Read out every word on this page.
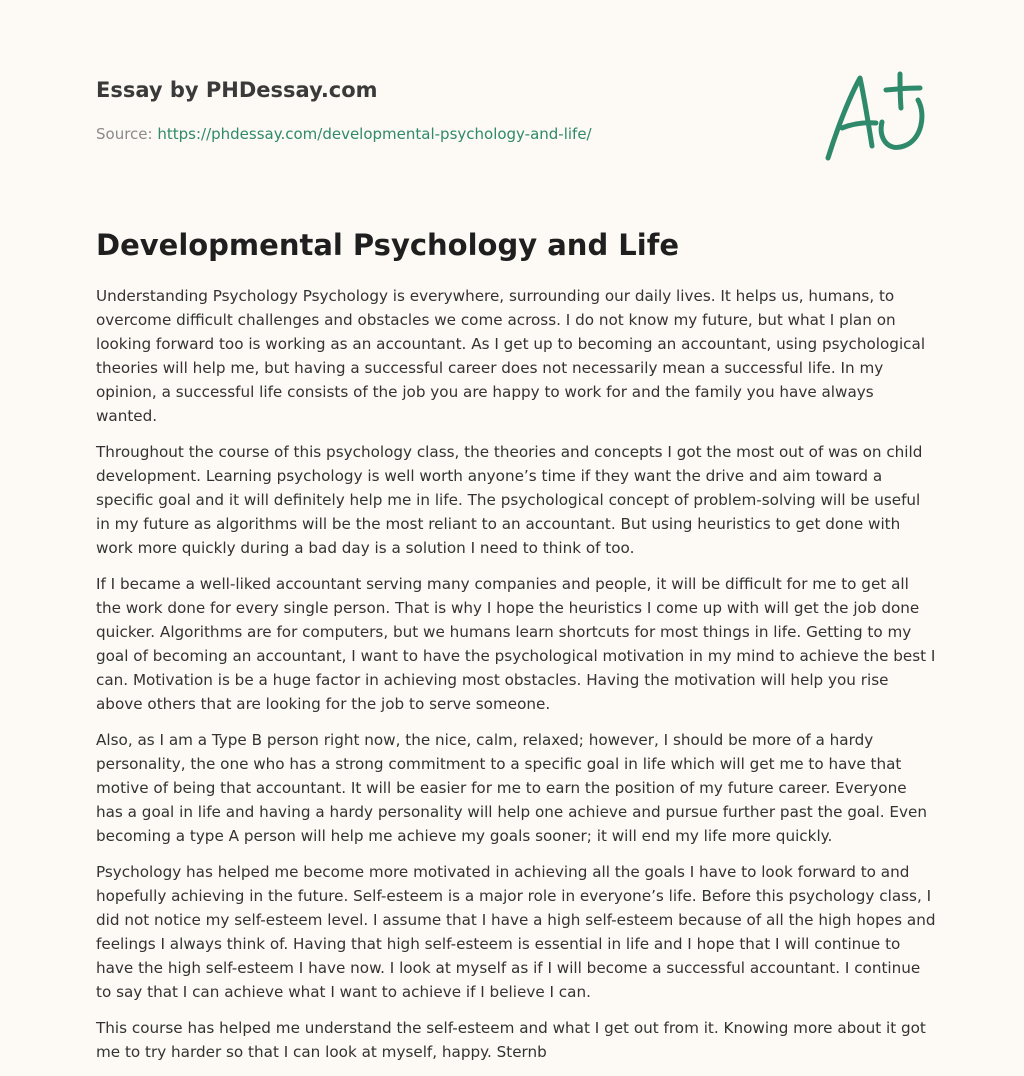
Essay by PHDessay.com
Source: https://phdessay.com/developmental-psychology-and-life/
Developmental Psychology and Life

Understanding Psychology Psychology is everywhere, surrounding our daily lives. It helps us, humans, to overcome difficult challenges and obstacles we come across. I do not know my future, but what I plan on looking forward too is working as an accountant. As I get up to becoming an accountant, using psychological theories will help me, but having a successful career does not necessarily mean a successful life. In my opinion, a successful life consists of the job you are happy to work for and the family you have always wanted.

Throughout the course of this psychology class, the theories and concepts I got the most out of was on child development. Learning psychology is well worth anyone’s time if they want the drive and aim toward a specific goal and it will definitely help me in life. The psychological concept of problem-solving will be useful in my future as algorithms will be the most reliant to an accountant. But using heuristics to get done with work more quickly during a bad day is a solution I need to think of too.

If I became a well-liked accountant serving many companies and people, it will be difficult for me to get all the work done for every single person. That is why I hope the heuristics I come up with will get the job done quicker. Algorithms are for computers, but we humans learn shortcuts for most things in life. Getting to my goal of becoming an accountant, I want to have the psychological motivation in my mind to achieve the best I can. Motivation is be a huge factor in achieving most obstacles. Having the motivation will help you rise above others that are looking for the job to serve someone.

Also, as I am a Type B person right now, the nice, calm, relaxed; however, I should be more of a hardy personality, the one who has a strong commitment to a specific goal in life which will get me to have that motive of being that accountant. It will be easier for me to earn the position of my future career. Everyone has a goal in life and having a hardy personality will help one achieve and pursue further past the goal. Even becoming a type A person will help me achieve my goals sooner; it will end my life more quickly.

Psychology has helped me become more motivated in achieving all the goals I have to look forward to and hopefully achieving in the future. Self-esteem is a major role in everyone’s life. Before this psychology class, I did not notice my self-esteem level. I assume that I have a high self-esteem because of all the high hopes and feelings I always think of. Having that high self-esteem is essential in life and I hope that I will continue to have the high self-esteem I have now. I look at myself as if I will become a successful accountant. I continue to say that I can achieve what I want to achieve if I believe I can.

This course has helped me understand the self-esteem and what I get out from it. Knowing more about it got me to try harder so that I can look at myself, happy. Sternb
